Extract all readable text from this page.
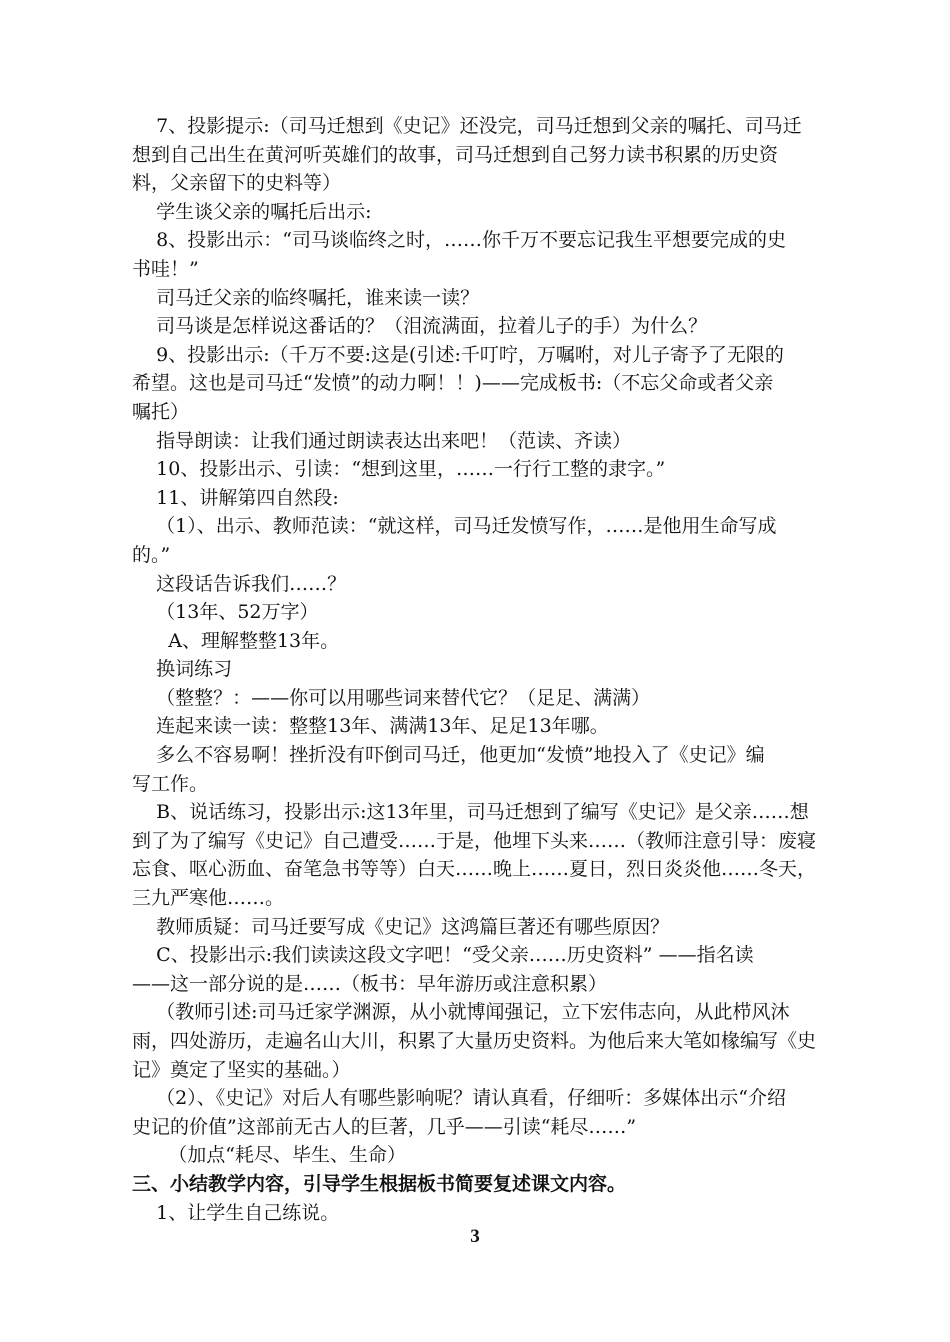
7、投影提示:（司马迁想到《史记》还没完，司马迁想到父亲的嘱托、司马迁
想到自己出生在黄河听英雄们的故事，司马迁想到自己努力读书积累的历史资
料，父亲留下的史料等）
学生谈父亲的嘱托后出示:
8、投影出示：“司马谈临终之时，……你千万不要忘记我生平想要完成的史
书哇！”
司马迁父亲的临终嘱托，谁来读一读？
司马谈是怎样说这番话的？（泪流满面，拉着儿子的手）为什么？
9、投影出示:（千万不要:这是(引述:千叮咛，万嘱咐，对儿子寄予了无限的
希望。这也是司马迁“发愤”的动力啊！！)——完成板书:（不忘父命或者父亲
嘱托）
指导朗读：让我们通过朗读表达出来吧！（范读、齐读）
10、投影出示、引读：“想到这里，……一行行工整的隶字。”
11、讲解第四自然段:
（1）、出示、教师范读：“就这样，司马迁发愤写作，……是他用生命写成
的。”
这段话告诉我们……？
（13年、52万字）
A、理解整整13年。
换词练习
（整整？：——你可以用哪些词来替代它？（足足、满满）
连起来读一读：整整13年、满满13年、足足13年哪。
多么不容易啊！挫折没有吓倒司马迁，他更加“发愤”地投入了《史记》编
写工作。
B、说话练习，投影出示:这13年里，司马迁想到了编写《史记》是父亲……想
到了为了编写《史记》自己遭受……于是，他埋下头来……（教师注意引导：废寝
忘食、呕心沥血、奋笔急书等等）白天……晚上……夏日，烈日炎炎他……冬天，
三九严寒他……。
教师质疑：司马迁要写成《史记》这鸿篇巨著还有哪些原因？
C、投影出示:我们读读这段文字吧！“受父亲……历史资料” ——指名读
——这一部分说的是……（板书：早年游历或注意积累）
（教师引述:司马迁家学渊源，从小就博闻强记，立下宏伟志向，从此栉风沐
雨，四处游历，走遍名山大川，积累了大量历史资料。为他后来大笔如椽编写《史
记》奠定了坚实的基础。）
（2）、《史记》对后人有哪些影响呢？请认真看，仔细听：多媒体出示“介绍
史记的价值”这部前无古人的巨著，几乎——引读“耗尽……”
（加点“耗尽、毕生、生命）
三、小结教学内容，引导学生根据板书简要复述课文内容。
1、让学生自己练说。
3
